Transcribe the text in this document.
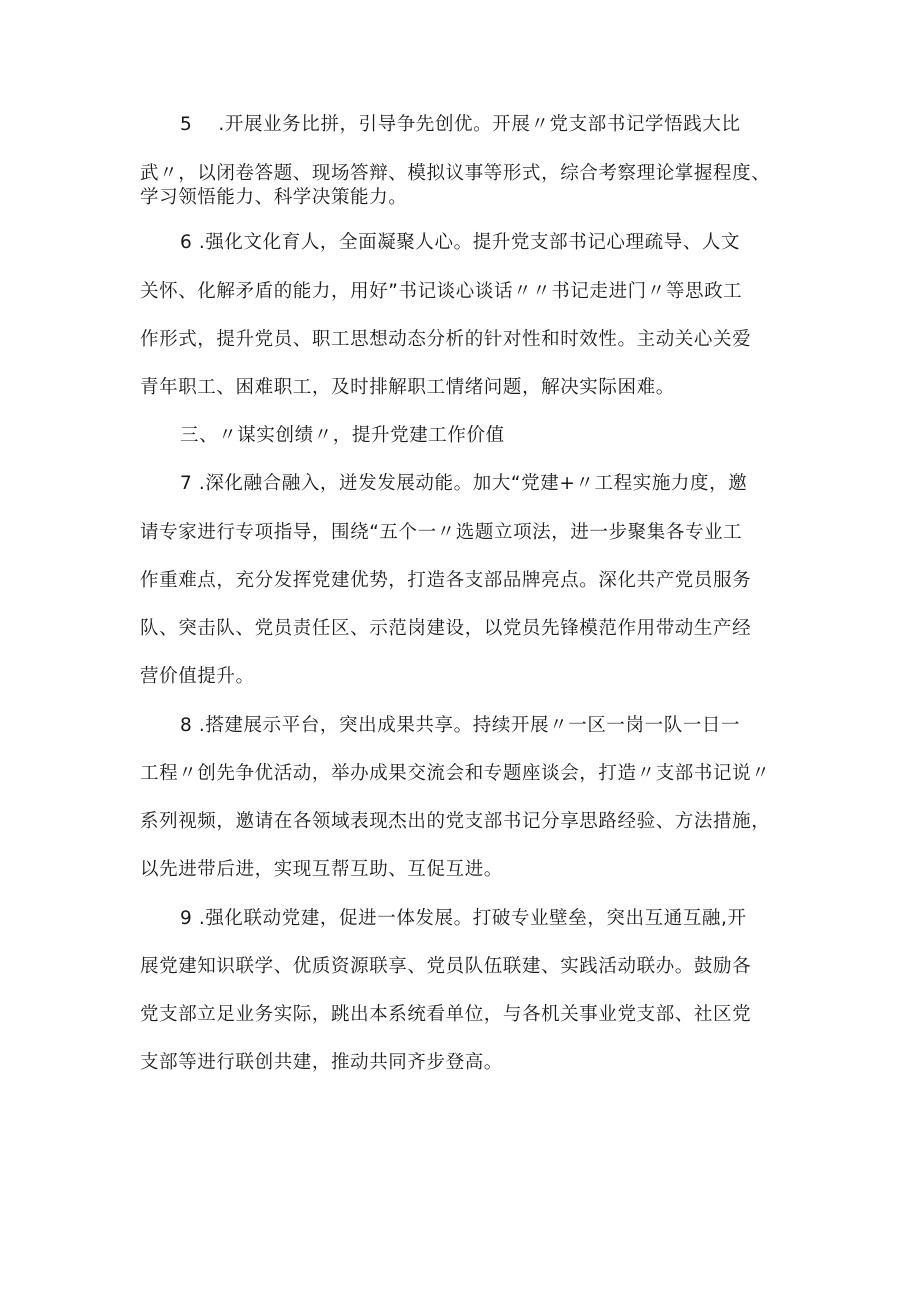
5 .开展业务比拼，引导争先创优。开展〃党支部书记学悟践大比
武〃，以闭卷答题、现场答辩、模拟议事等形式，综合考察理论掌握程度、
学习领悟能力、科学决策能力。
6 .强化文化育人，全面凝聚人心。提升党支部书记心理疏导、人文
关怀、化解矛盾的能力，用好”书记谈心谈话〃〃书记走进门〃等思政工
作形式，提升党员、职工思想动态分析的针对性和时效性。主动关心关爱
青年职工、困难职工，及时排解职工情绪问题，解决实际困难。
三、〃谋实创绩〃，提升党建工作价值
7 .深化融合融入，迸发发展动能。加大“党建+〃工程实施力度，邀
请专家进行专项指导，围绕“五个一〃选题立项法，进一步聚集各专业工
作重难点，充分发挥党建优势，打造各支部品牌亮点。深化共产党员服务
队、突击队、党员责任区、示范岗建设，以党员先锋模范作用带动生产经
营价值提升。
8 .搭建展示平台，突出成果共享。持续开展〃一区一岗一队一日一
工程〃创先争优活动，举办成果交流会和专题座谈会，打造〃支部书记说〃
系列视频，邀请在各领域表现杰出的党支部书记分享思路经验、方法措施，
以先进带后进，实现互帮互助、互促互进。
9 .强化联动党建，促进一体发展。打破专业壁垒，突出互通互融,开
展党建知识联学、优质资源联享、党员队伍联建、实践活动联办。鼓励各
党支部立足业务实际，跳出本系统看单位，与各机关事业党支部、社区党
支部等进行联创共建，推动共同齐步登高。
